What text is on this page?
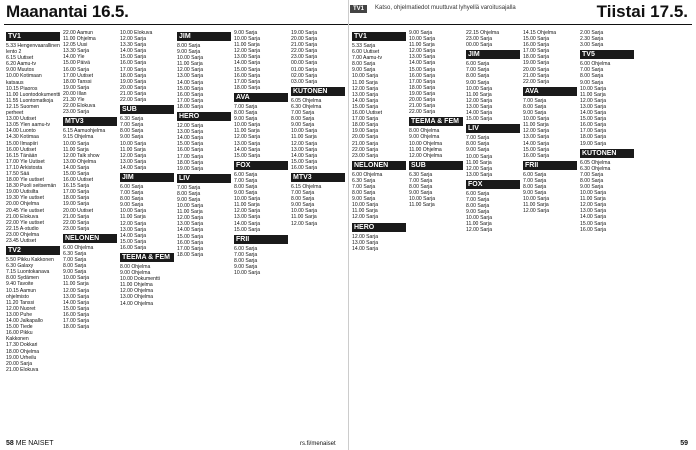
Maanantai 16.5.	TV1	Katso, ohjelmatiedot muuttuvat lyhyellä varoitusajalla	Tiistai 17.5.
TV1
5.33 Hengenvaarallinen
lento 2
6.15 Uutiset
6.20 Aamu-tv
9.00 Muutos
10.00 Kotimaan
katsaus
10.15 Piaoros
11.00 Luontodokumentti
11.55 Luontomatkoja
12.15 Suomen
perheet
13.00 Uutiset
13.05 Ylen aamu-tv
14.00 Luonto
14.30 Kotimaa
15.00 Ilmapiiri
16.00 Uutiset
16.15 Tänään
17.00 Yle Uutiset
17.10 Arkistosta
17.50 Sää
18.00 Yle uutiset
18.30 Puoli seitsemän
19.00 Uutisilta
19.30 Yle uutiset
20.00 Ohjelma
20.45 Yle uutiset
21.00 Elokuva
22.00 Yle uutiset
22.15 A-studio
23.00 Ohjelma
23.45 Uutiset
TV2
5.50 Pikku Kakkonen
6.30 Galaxy
7.15 Luontokanava
8.00 Sydämen
9.40 Tavoite
10.15 Aamun
ohjelmisto
11.20 Tanssi
12.00 Nuoret
13.00 Puhe
14.00 Jalkapallo
15.00 Tiede
16.00 Pikku
Kakkonen
17.30 Dokkari
18.00 Ohjelma
19.00 Urheilu
20.00 Sarja
21.00 Elokuva
22.00 Aamun
11.00 Ohjelma
12.05 Uusi
13.30 Sarja
14.00 Yle
15.00 Päivä
16.00 Sarja
17.00 Uutiset
18.00 Tanssi
19.00 Sarja
20.00 Illan
21.30 Yle
22.00 Elokuva
23.00 Sarja
MTV3
6.15 Aamuohjelma
9.15 Ohjelma
10.00 Sarja
11.00 Sarja
12.00 Talk show
13.00 Ohjelma
14.00 Sarja
15.00 Sarja
16.00 Uutiset
16.15 Sarja
17.00 Sarja
18.00 Sarja
19.00 Sarja
20.00 Uutiset
21.00 Sarja
22.00 Sarja
23.00 Sarja
NELONEN
6.00 Ohjelma
6.30 Sarja
7.00 Sarja
8.00 Sarja
9.00 Sarja
10.00 Sarja
11.00 Sarja
12.00 Sarja
13.00 Sarja
14.00 Sarja
15.00 Sarja
16.00 Sarja
17.00 Sarja
18.00 Sarja
10.00 Elokuva
12.00 Sarja
13.30 Sarja
14.00 Sarja
15.00 Sarja
16.00 Sarja
17.00 Sarja
18.00 Sarja
19.00 Sarja
20.00 Sarja
21.00 Sarja
22.00 Sarja
SUB
6.30 Sarja
7.00 Sarja
8.00 Sarja
9.00 Sarja
10.00 Sarja
11.00 Sarja
12.00 Sarja
13.00 Sarja
14.00 Sarja
JIM
6.00 Sarja
7.00 Sarja
8.00 Sarja
9.00 Sarja
10.00 Sarja
11.00 Sarja
12.00 Sarja
13.00 Sarja
14.00 Sarja
15.00 Sarja
16.00 Sarja
TEEMA & FEM
8.00 Ohjelma
9.00 Ohjelma
10.00 Dokumentti
11.00 Ohjelma
12.00 Ohjelma
13.00 Ohjelma
14.00 Ohjelma
JIM
8.00 Sarja
9.00 Sarja
10.00 Sarja
11.00 Sarja
12.00 Sarja
13.00 Sarja
14.00 Sarja
15.00 Sarja
16.00 Sarja
17.00 Sarja
18.00 Sarja
HERO
12.00 Sarja
13.00 Sarja
14.00 Sarja
15.00 Sarja
16.00 Sarja
17.00 Sarja
18.00 Sarja
19.00 Sarja
LIV
7.00 Sarja
8.00 Sarja
9.00 Sarja
10.00 Sarja
11.00 Sarja
12.00 Sarja
13.00 Sarja
14.00 Sarja
15.00 Sarja
16.00 Sarja
17.00 Sarja
18.00 Sarja
9.00 Sarja
10.00 Sarja
11.00 Sarja
12.00 Sarja
13.00 Sarja
14.00 Sarja
15.00 Sarja
16.00 Sarja
17.00 Sarja
18.00 Sarja
AVA
7.00 Sarja
8.00 Sarja
9.00 Sarja
10.00 Sarja
11.00 Sarja
12.00 Sarja
13.00 Sarja
14.00 Sarja
15.00 Sarja
FOX
6.00 Sarja
7.00 Sarja
8.00 Sarja
9.00 Sarja
10.00 Sarja
11.00 Sarja
12.00 Sarja
13.00 Sarja
14.00 Sarja
15.00 Sarja
FRII
6.00 Sarja
7.00 Sarja
8.00 Sarja
9.00 Sarja
10.00 Sarja
19.00 Sarja
20.00 Sarja
21.00 Sarja
22.00 Sarja
23.00 Sarja
00.00 Sarja
01.00 Sarja
02.00 Sarja
03.00 Sarja
KUTONEN
6.05 Ohjelma
6.30 Ohjelma
7.00 Sarja
8.00 Sarja
9.00 Sarja
10.00 Sarja
11.00 Sarja
12.00 Sarja
13.00 Sarja
14.00 Sarja
15.00 Sarja
16.00 Sarja
MTV3
6.15 Ohjelma
7.00 Sarja
8.00 Sarja
9.00 Sarja
10.00 Sarja
11.00 Sarja
12.00 Sarja
TV1
5.33 Sarja
6.00 Uutiset
7.00 Aamu-tv
8.00 Sarja
9.00 Sarja
10.00 Sarja
11.00 Sarja
12.00 Sarja
13.00 Sarja
14.00 Sarja
15.00 Sarja
16.00 Uutiset
17.00 Sarja
18.00 Sarja
19.00 Sarja
20.00 Sarja
21.00 Sarja
22.00 Sarja
23.00 Sarja
NELONEN
6.00 Ohjelma
6.30 Sarja
7.00 Sarja
8.00 Sarja
9.00 Sarja
10.00 Sarja
11.00 Sarja
12.00 Sarja
HERO
12.00 Sarja
13.00 Sarja
14.00 Sarja
9.00 Sarja
10.00 Sarja
11.00 Sarja
12.00 Sarja
13.00 Sarja
14.00 Sarja
15.00 Sarja
16.00 Sarja
17.00 Sarja
18.00 Sarja
19.00 Sarja
20.00 Sarja
21.00 Sarja
22.00 Sarja
TEEMA & FEM
8.00 Ohjelma
9.00 Ohjelma
10.00 Ohjelma
11.00 Ohjelma
12.00 Ohjelma
SUB
6.30 Sarja
7.00 Sarja
8.00 Sarja
9.00 Sarja
10.00 Sarja
11.00 Sarja
22.15 Ohjelma
23.00 Sarja
00.00 Sarja
JIM
6.00 Sarja
7.00 Sarja
8.00 Sarja
9.00 Sarja
10.00 Sarja
11.00 Sarja
12.00 Sarja
13.00 Sarja
14.00 Sarja
15.00 Sarja
LIV
7.00 Sarja
8.00 Sarja
9.00 Sarja
10.00 Sarja
11.00 Sarja
12.00 Sarja
13.00 Sarja
FOX
6.00 Sarja
7.00 Sarja
8.00 Sarja
9.00 Sarja
10.00 Sarja
11.00 Sarja
12.00 Sarja
14.15 Ohjelma
15.00 Sarja
16.00 Sarja
17.00 Sarja
18.00 Sarja
19.00 Sarja
20.00 Sarja
21.00 Sarja
22.00 Sarja
AVA
7.00 Sarja
8.00 Sarja
9.00 Sarja
10.00 Sarja
11.00 Sarja
12.00 Sarja
13.00 Sarja
14.00 Sarja
15.00 Sarja
16.00 Sarja
FRII
6.00 Sarja
7.00 Sarja
8.00 Sarja
9.00 Sarja
10.00 Sarja
11.00 Sarja
12.00 Sarja
2.00 Sarja
2.30 Sarja
3.00 Sarja
TV5
6.00 Ohjelma
7.00 Sarja
8.00 Sarja
9.00 Sarja
10.00 Sarja
11.00 Sarja
12.00 Sarja
13.00 Sarja
14.00 Sarja
15.00 Sarja
16.00 Sarja
17.00 Sarja
18.00 Sarja
19.00 Sarja
KUTONEN
6.05 Ohjelma
6.30 Ohjelma
7.00 Sarja
8.00 Sarja
9.00 Sarja
10.00 Sarja
11.00 Sarja
12.00 Sarja
13.00 Sarja
14.00 Sarja
15.00 Sarja
16.00 Sarja
58 ME NAISET	rs.fi/menaiset	59
